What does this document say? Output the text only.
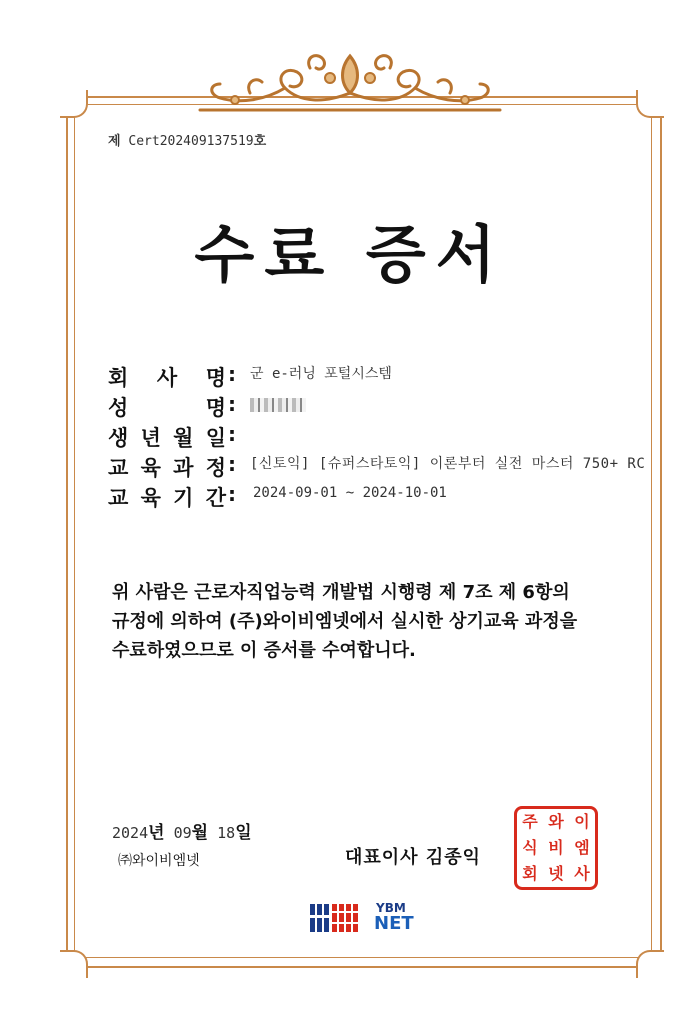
제 Cert202409137519호
수료 증서
회 사 명 :	군 e-러닝 포털시스템
성	명 :
생 년 월 일 :
교 육 과 정 :	[신토익] [슈퍼스타토익] 이론부터 실전 마스터 750+ RC
교 육 기 간 :	2024-09-01 ~ 2024-10-01
위 사람은 근로자직업능력 개발법 시행령 제 7조 제 6항의
규정에 의하여 (주)와이비엠넷에서 실시한 상기교육 과정을
수료하였으므로 이 증서를 수여합니다.
2024년 09월 18일
㈜와이비엠넷	대표이사 김종익
주 와 이
식 비 엠
회 넷 사
YBM
NET
